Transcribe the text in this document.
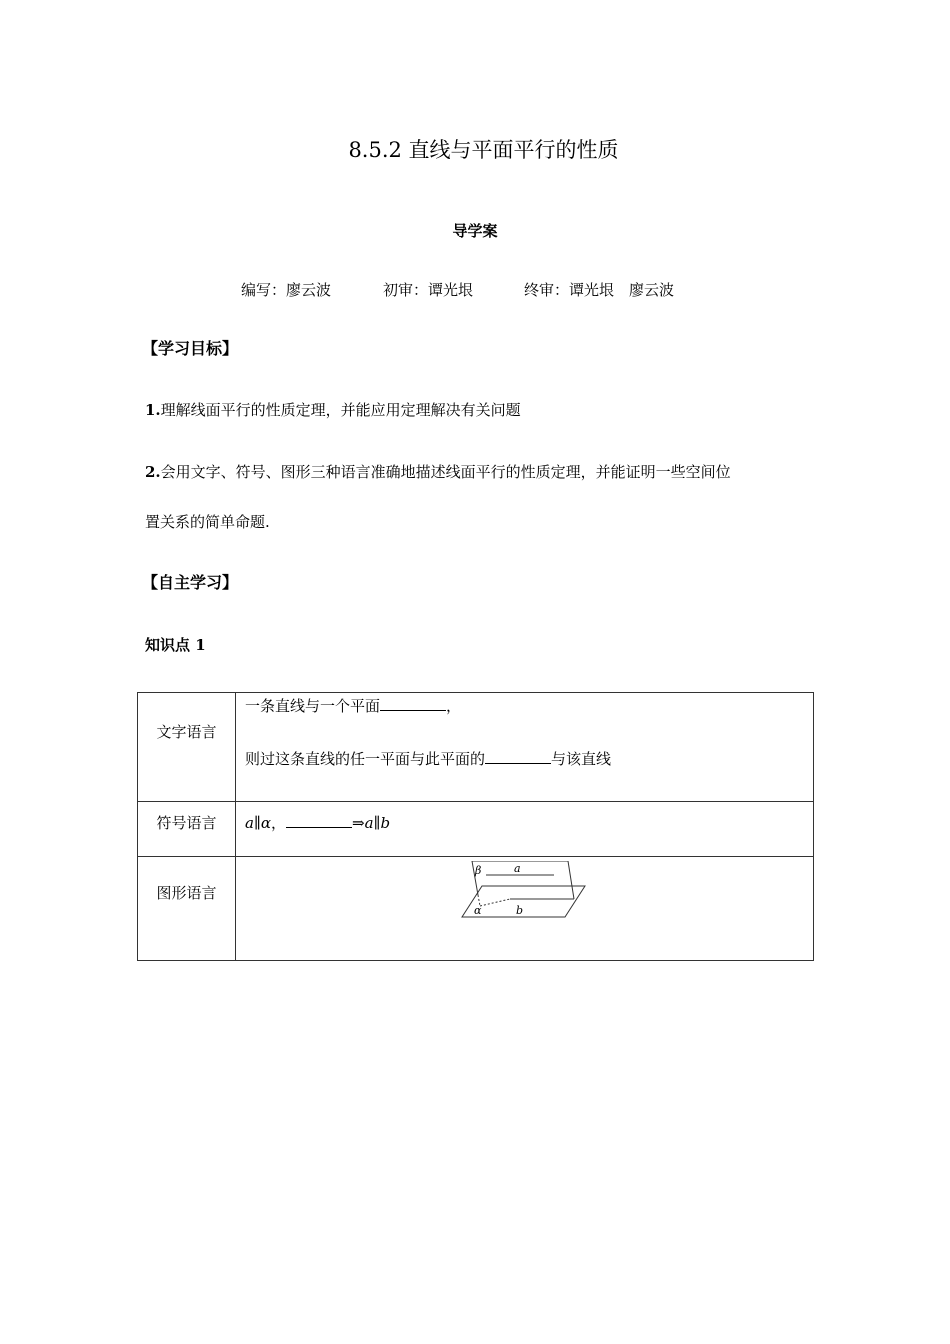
8.5.2 直线与平面平行的性质
导学案
编写：廖云波	初审：谭光垠	终审：谭光垠　廖云波
【学习目标】
1.理解线面平行的性质定理，并能应用定理解决有关问题
2.会用文字、符号、图形三种语言准确地描述线面平行的性质定理，并能证明一些空间位
置关系的简单命题.
【自主学习】
知识点 1
文字语言	一条直线与一个平面 ，
则过这条直线的任一平面与此平面的 与该直线

符号语言	a∥α， ⇒a∥b

图形语言	β a
α b
